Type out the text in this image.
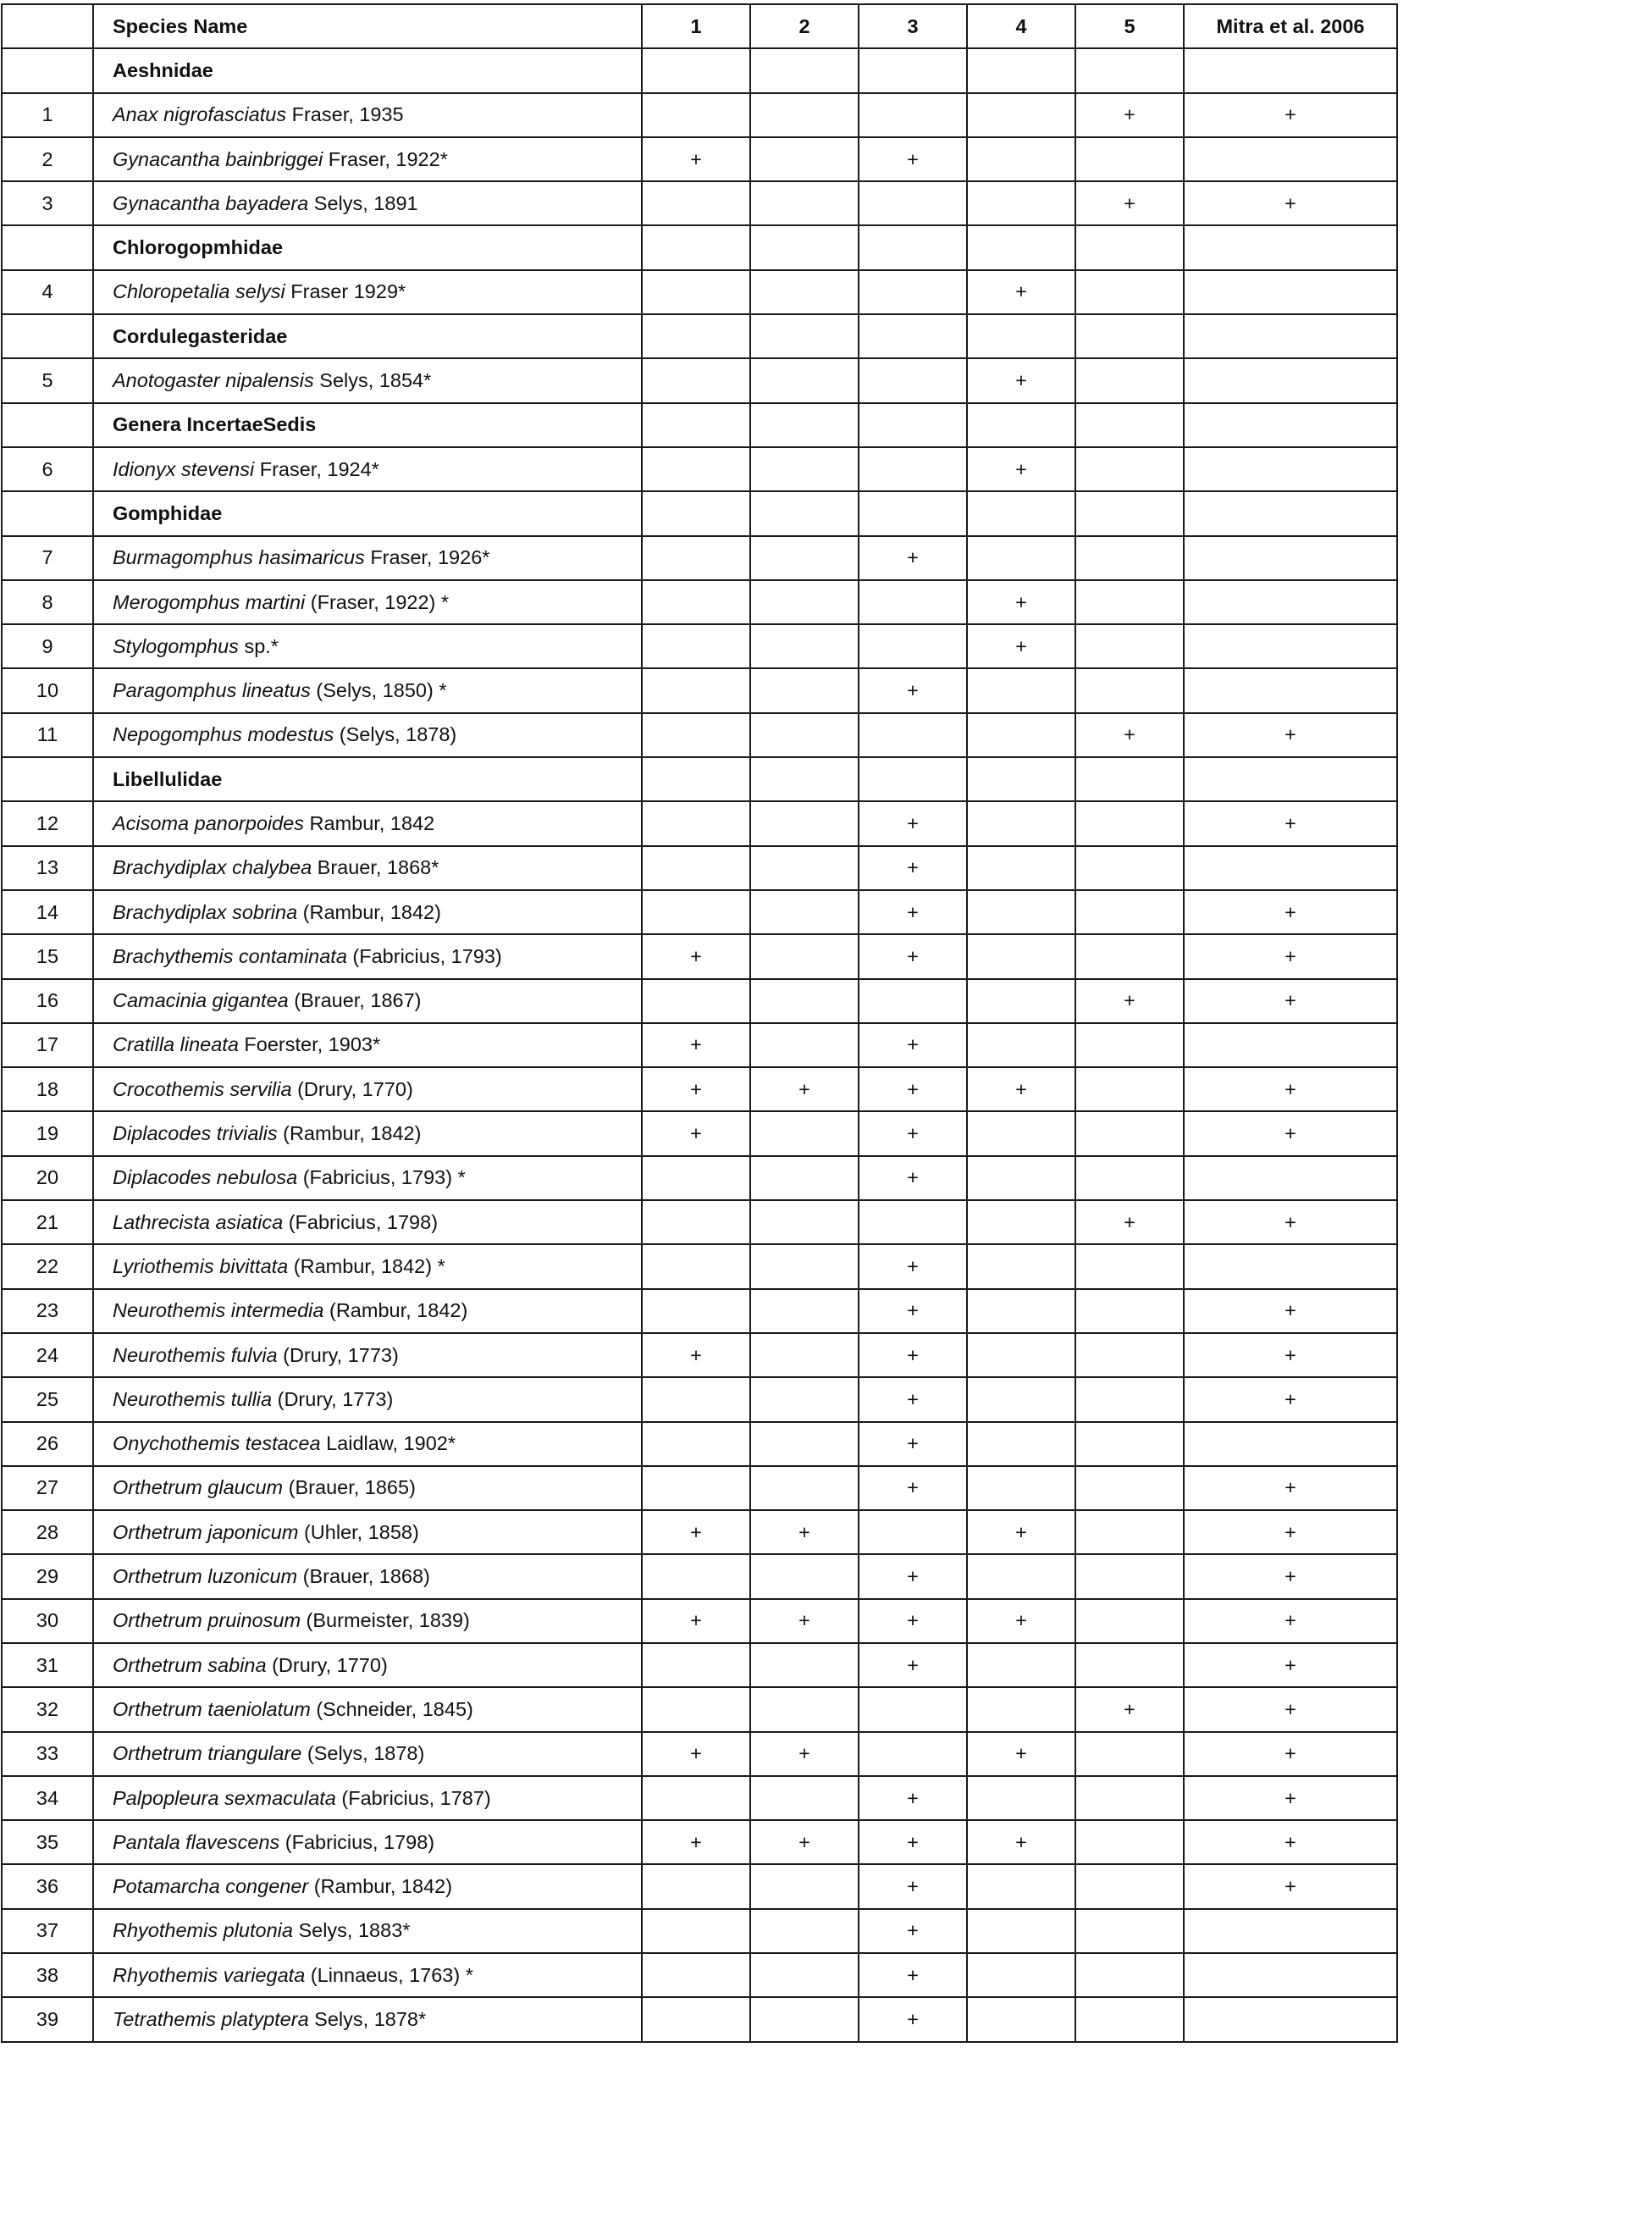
	Species Name	1	2	3	4	5	Mitra et al. 2006
	Aeshnidae						
1	Anax nigrofasciatus Fraser, 1935					+	+
2	Gynacantha bainbriggei Fraser, 1922*	+		+			
3	Gynacantha bayadera Selys, 1891					+	+
	Chlorogopmhidae						
4	Chloropetalia selysi Fraser 1929*				+		
	Cordulegasteridae						
5	Anotogaster nipalensis Selys, 1854*				+		
	Genera IncertaeSedis						
6	Idionyx stevensi Fraser, 1924*				+		
	Gomphidae						
7	Burmagomphus hasimaricus Fraser, 1926*			+			
8	Merogomphus martini (Fraser, 1922) *				+		
9	Stylogomphus sp.*				+		
10	Paragomphus lineatus (Selys, 1850) *			+			
11	Nepogomphus modestus (Selys, 1878)					+	+
	Libellulidae						
12	Acisoma panorpoides Rambur, 1842			+			+
13	Brachydiplax chalybea Brauer, 1868*			+			
14	Brachydiplax sobrina (Rambur, 1842)			+			+
15	Brachythemis contaminata (Fabricius, 1793)	+		+			+
16	Camacinia gigantea (Brauer, 1867)					+	+
17	Cratilla lineata Foerster, 1903*	+		+			
18	Crocothemis servilia (Drury, 1770)	+	+	+	+		+
19	Diplacodes trivialis (Rambur, 1842)	+		+			+
20	Diplacodes nebulosa (Fabricius, 1793) *			+			
21	Lathrecista asiatica (Fabricius, 1798)					+	+
22	Lyriothemis bivittata (Rambur, 1842) *			+			
23	Neurothemis intermedia (Rambur, 1842)			+			+
24	Neurothemis fulvia (Drury, 1773)	+		+			+
25	Neurothemis tullia (Drury, 1773)			+			+
26	Onychothemis testacea Laidlaw, 1902*			+			
27	Orthetrum glaucum (Brauer, 1865)			+			+
28	Orthetrum japonicum (Uhler, 1858)	+	+		+		+
29	Orthetrum luzonicum (Brauer, 1868)			+			+
30	Orthetrum pruinosum (Burmeister, 1839)	+	+	+	+		+
31	Orthetrum sabina (Drury, 1770)			+			+
32	Orthetrum taeniolatum (Schneider, 1845)					+	+
33	Orthetrum triangulare (Selys, 1878)	+	+		+		+
34	Palpopleura sexmaculata (Fabricius, 1787)			+			+
35	Pantala flavescens (Fabricius, 1798)	+	+	+	+		+
36	Potamarcha congener (Rambur, 1842)			+			+
37	Rhyothemis plutonia Selys, 1883*			+			
38	Rhyothemis variegata (Linnaeus, 1763) *			+			
39	Tetrathemis platyptera Selys, 1878*			+			
